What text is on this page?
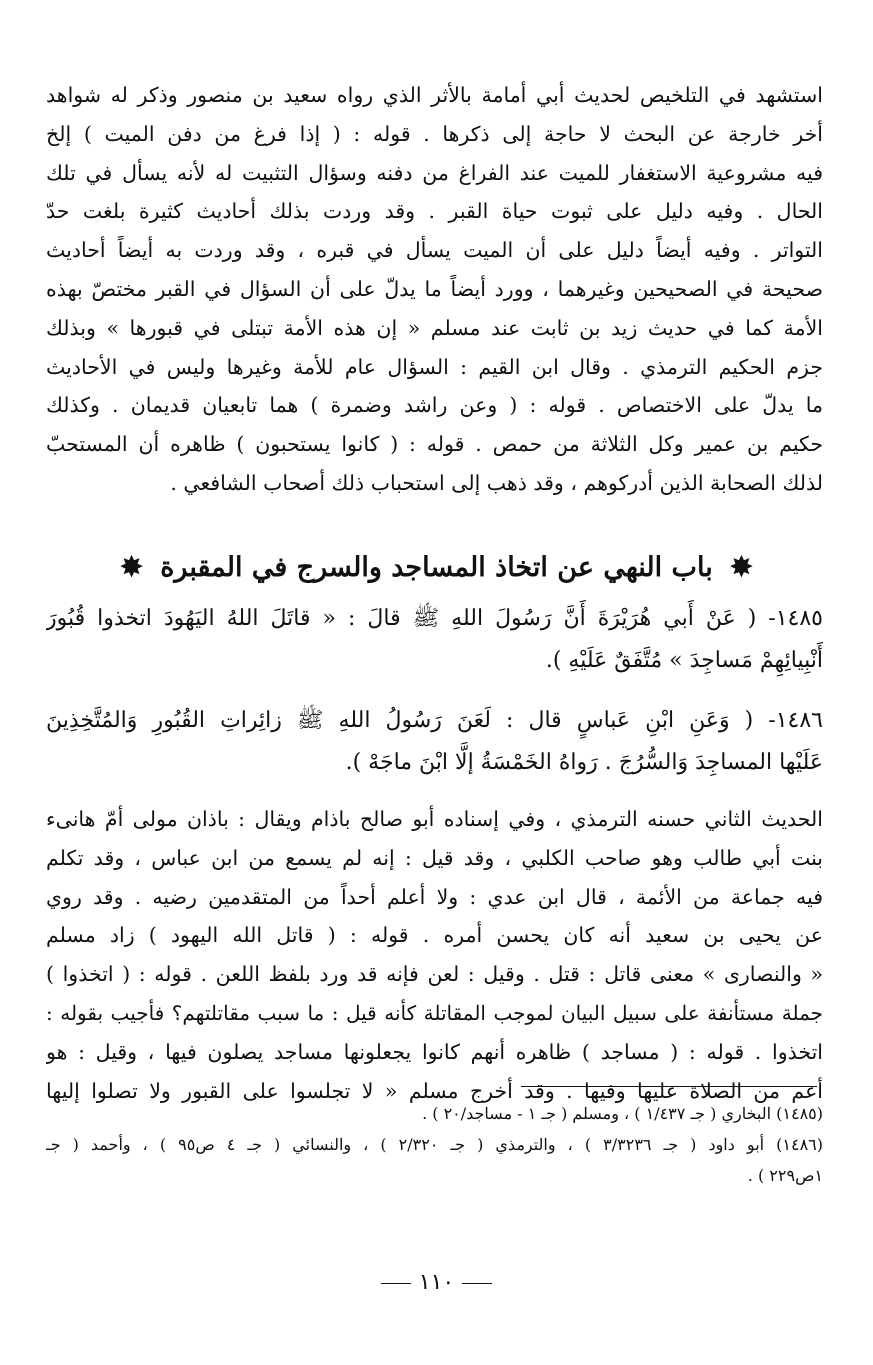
استشهد في التلخيص لحديث أبي أمامة بالأثر الذي رواه سعيد بن منصور وذكر له شواهد
أخر خارجة عن البحث لا حاجة إلى ذكرها . قوله : ( إذا فرغ من دفن الميت ) إلخ
فيه مشروعية الاستغفار للميت عند الفراغ من دفنه وسؤال التثبيت له لأنه يسأل في تلك
الحال . وفيه دليل على ثبوت حياة القبر . وقد وردت بذلك أحاديث كثيرة بلغت حدّ
التواتر . وفيه أيضاً دليل على أن الميت يسأل في قبره ، وقد وردت به أيضاً أحاديث
صحيحة في الصحيحين وغيرهما ، وورد أيضاً ما يدلّ على أن السؤال في القبر مختصّ بهذه
الأمة كما في حديث زيد بن ثابت عند مسلم « إن هذه الأمة تبتلى في قبورها » وبذلك
جزم الحكيم الترمذي . وقال ابن القيم : السؤال عام للأمة وغيرها وليس في الأحاديث
ما يدلّ على الاختصاص . قوله : ( وعن راشد وضمرة ) هما تابعيان قديمان . وكذلك
حكيم بن عمير وكل الثلاثة من حمص . قوله : ( كانوا يستحبون ) ظاهره أن المستحبّ
لذلك الصحابة الذين أدركوهم ، وقد ذهب إلى استحباب ذلك أصحاب الشافعي .
✸ باب النهي عن اتخاذ المساجد والسرج في المقبرة ✸
١٤٨٥- ( عَنْ أَبي هُرَيْرَةَ أَنَّ رَسُولَ اللهِ ﷺ قالَ : « قاتَلَ اللهُ اليَهُودَ اتخذوا قُبُورَ
أَنْبِيائِهِمْ مَساجِدَ » مُتَّفَقٌ عَلَيْهِ ).
١٤٨٦- ( وَعَنِ ابْنِ عَباسٍ قال : لَعَنَ رَسُولُ اللهِ ﷺ زائِراتِ القُبُورِ وَالمُتَّخِذِينَ
عَلَيْها المساجِدَ وَالسُّرُجَ . رَواهُ الخَمْسَةُ إلَّا ابْنَ ماجَهْ ).
الحديث الثاني حسنه الترمذي ، وفي إسناده أبو صالح باذام ويقال : باذان مولى أمّ هانىء
بنت أبي طالب وهو صاحب الكلبي ، وقد قيل : إنه لم يسمع من ابن عباس ، وقد تكلم
فيه جماعة من الأئمة ، قال ابن عدي : ولا أعلم أحداً من المتقدمين رضيه . وقد روي
عن يحيى بن سعيد أنه كان يحسن أمره . قوله : ( قاتل الله اليهود ) زاد مسلم
« والنصارى » معنى قاتل : قتل . وقيل : لعن فإنه قد ورد بلفظ اللعن . قوله : ( اتخذوا )
جملة مستأنفة على سبيل البيان لموجب المقاتلة كأنه قيل : ما سبب مقاتلتهم؟ فأجيب بقوله :
اتخذوا . قوله : ( مساجد ) ظاهره أنهم كانوا يجعلونها مساجد يصلون فيها ، وقيل : هو
أعم من الصلاة عليها وفيها . وقد أخرج مسلم « لا تجلسوا على القبور ولا تصلوا إليها
(١٤٨٥) البخاري ( جـ ١/٤٣٧ ) ، ومسلم ( جـ ١ - مساجد/٢٠ ) .
(١٤٨٦) أبو داود ( جـ ٣/٣٢٣٦ ) ، والترمذي ( جـ ٢/٣٢٠ ) ، والنسائي ( جـ ٤ ص٩٥ ) ، وأحمد ( جـ
١ص٢٢٩ ) .
١١٠
